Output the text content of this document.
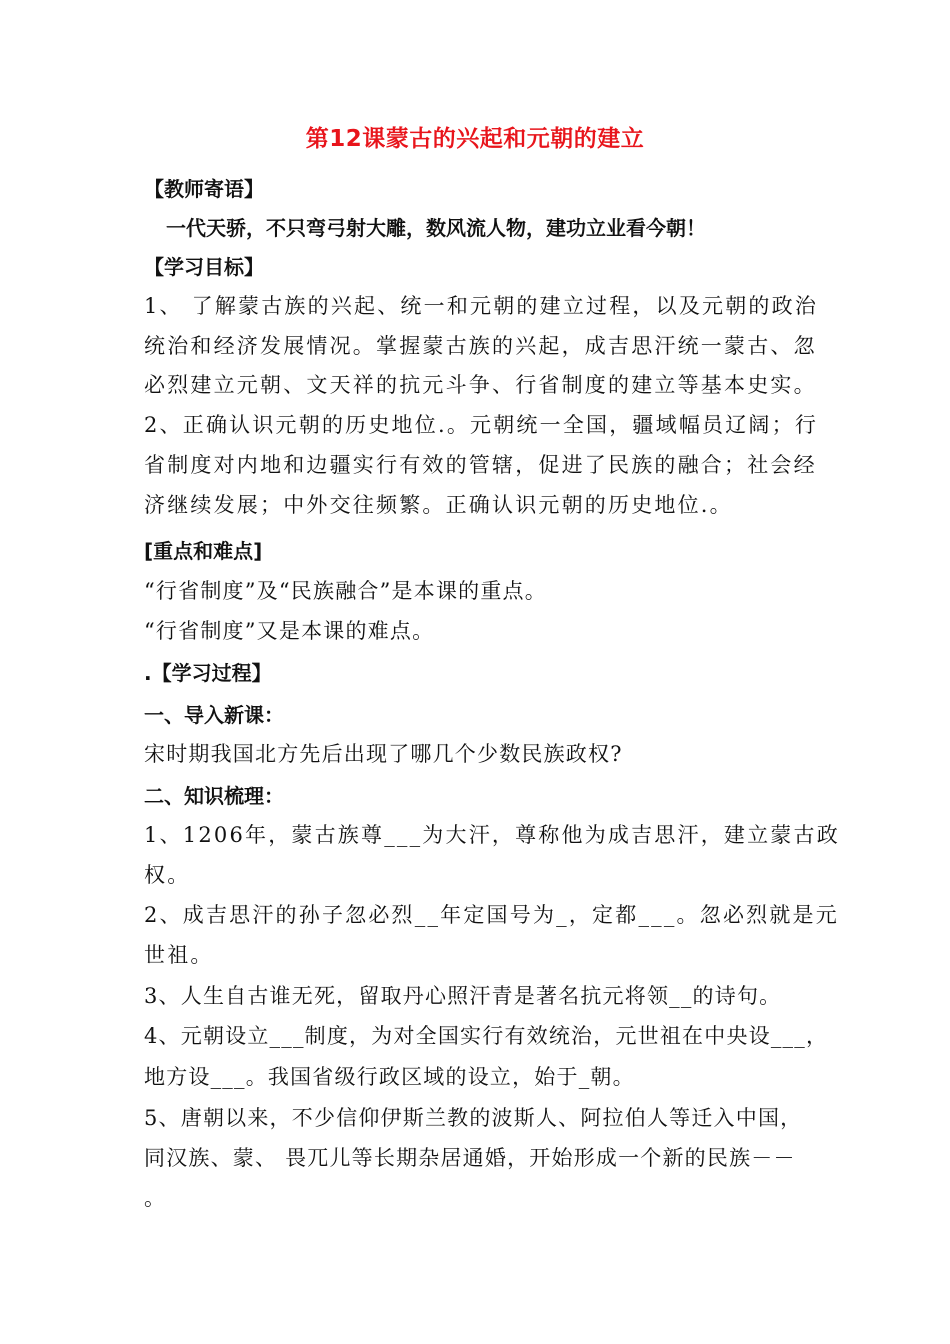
第12课蒙古的兴起和元朝的建立
【教师寄语】
一代天骄，不只弯弓射大雕，数风流人物，建功立业看今朝！
【学习目标】
1、 了解蒙古族的兴起、统一和元朝的建立过程，以及元朝的政治
统治和经济发展情况。掌握蒙古族的兴起，成吉思汗统一蒙古、忽
必烈建立元朝、文天祥的抗元斗争、行省制度的建立等基本史实。
2、正确认识元朝的历史地位.。元朝统一全国，疆域幅员辽阔；行
省制度对内地和边疆实行有效的管辖，促进了民族的融合；社会经
济继续发展；中外交往频繁。正确认识元朝的历史地位.。
[重点和难点]
“行省制度”及“民族融合”是本课的重点。
“行省制度”又是本课的难点。
.【学习过程】
一、导入新课：
宋时期我国北方先后出现了哪几个少数民族政权?
二、知识梳理：
1、1206年，蒙古族尊___为大汗，尊称他为成吉思汗，建立蒙古政
权。
2、成吉思汗的孙子忽必烈__年定国号为_，定都___。忽必烈就是元
世祖。
3、人生自古谁无死，留取丹心照汗青是著名抗元将领__的诗句。
4、元朝设立___制度，为对全国实行有效统治，元世祖在中央设___，
地方设___。我国省级行政区域的设立，始于_朝。
5、唐朝以来，不少信仰伊斯兰教的波斯人、阿拉伯人等迁入中国，
同汉族、蒙、 畏兀儿等长期杂居通婚，开始形成一个新的民族－－
。
